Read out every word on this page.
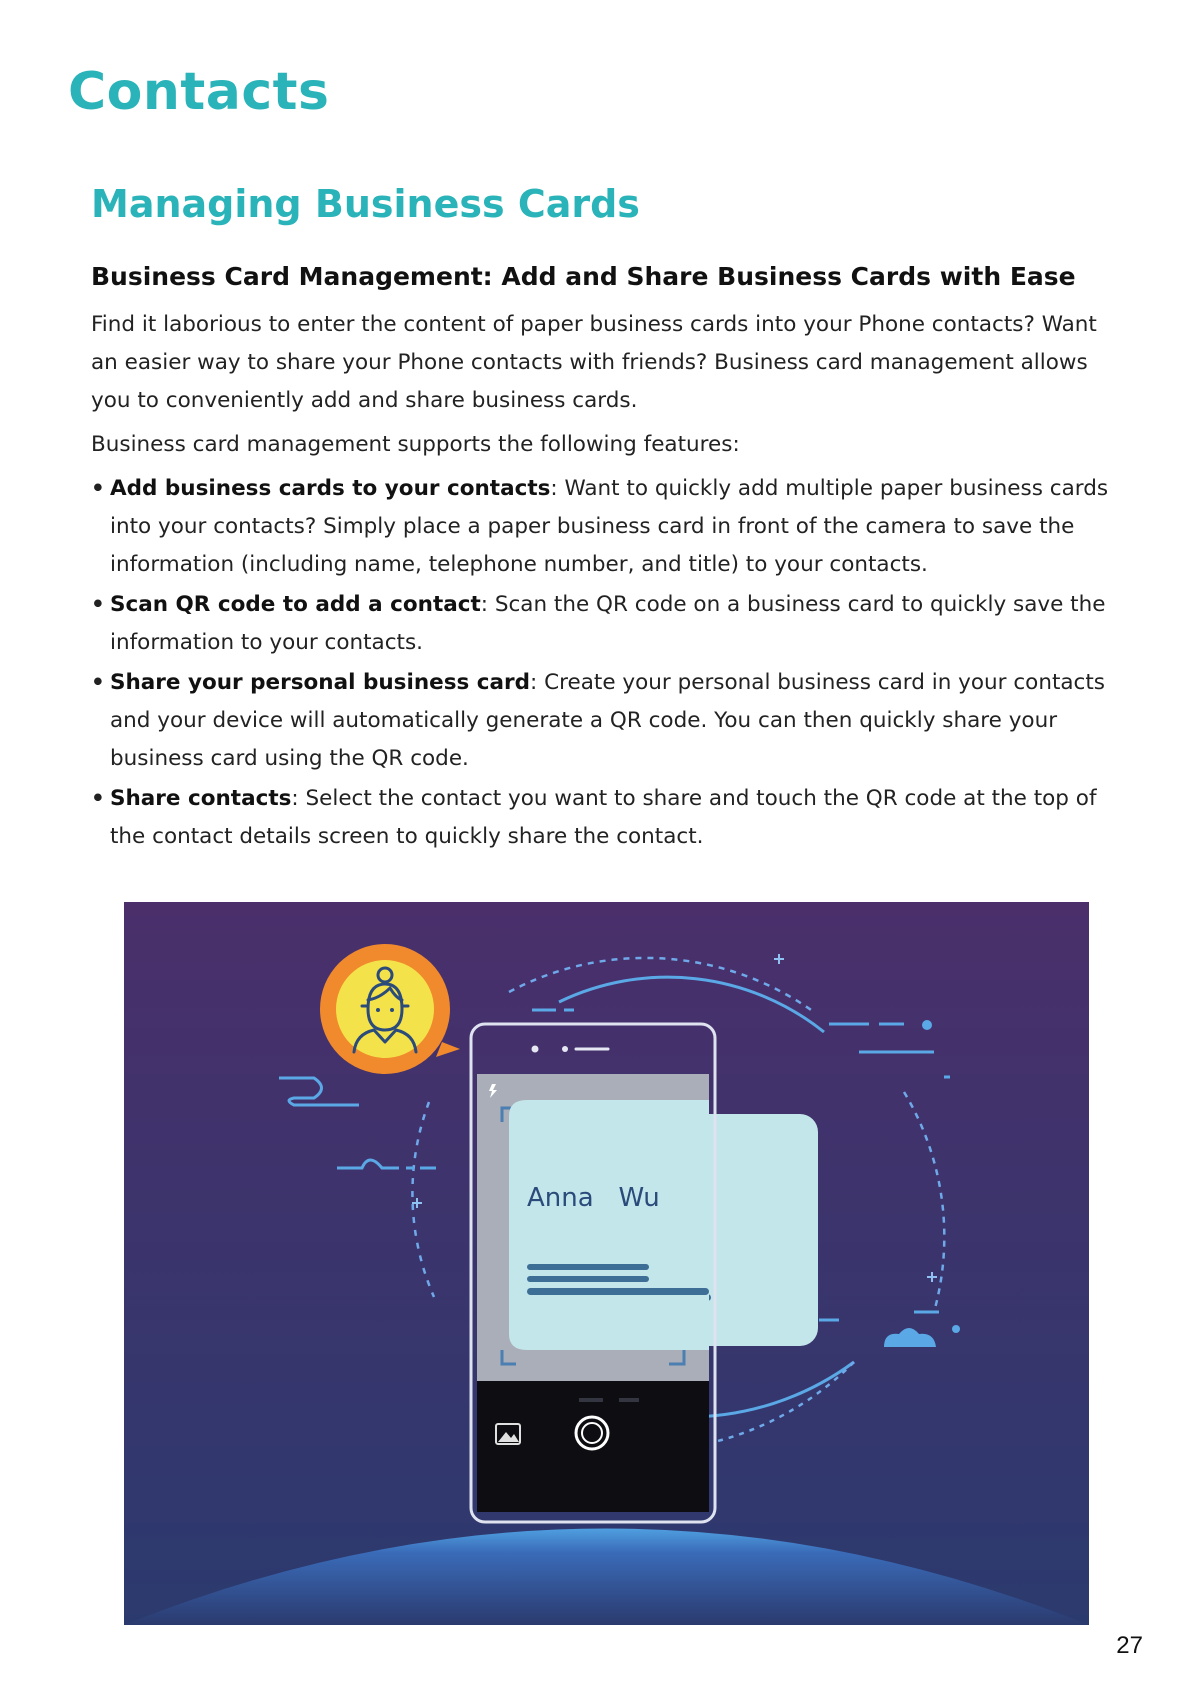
Contacts
Managing Business Cards
Business Card Management: Add and Share Business Cards with Ease

Find it laborious to enter the content of paper business cards into your Phone contacts? Want an easier way to share your Phone contacts with friends? Business card management allows you to conveniently add and share business cards.

Business card management supports the following features:

• Add business cards to your contacts: Want to quickly add multiple paper business cards into your contacts? Simply place a paper business card in front of the camera to save the information (including name, telephone number, and title) to your contacts.
• Scan QR code to add a contact: Scan the QR code on a business card to quickly save the information to your contacts.
• Share your personal business card: Create your personal business card in your contacts and your device will automatically generate a QR code. You can then quickly share your business card using the QR code.
• Share contacts: Select the contact you want to share and touch the QR code at the top of the contact details screen to quickly share the contact.
Anna   Wu
27
